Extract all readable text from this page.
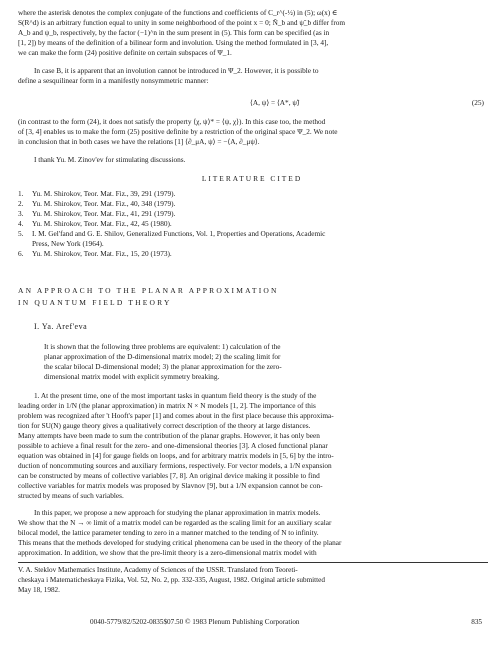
where the asterisk denotes the complex conjugate of the functions and coefficients of C_r^(-½) in (5); ω(x) ∈
S(R^d) is an arbitrary function equal to unity in some neighborhood of the point x = 0; Ñ_b and ψ̃_b differ from
A_b and ψ_b, respectively, by the factor (−1)^n in the sum present in (5). This form can be specified (as in
[1, 2]) by means of the definition of a bilinear form and involution. Using the method formulated in [3, 4],
we can make the form (24) positive definite on certain subspaces of Ψ_1.
In case B, it is apparent that an involution cannot be introduced in Ψ_2. However, it is possible to
define a sesquilinear form in a manifestly nonsymmetric manner:
⟨A, ψ⟩ = ⟨A*, ψ̃⟩	(25)
(in contrast to the form (24), it does not satisfy the property ⟨χ, ψ⟩* = ⟨ψ, χ⟩). In this case too, the method
of [3, 4] enables us to make the form (25) positive definite by a restriction of the original space Ψ_2. We note
in conclusion that in both cases we have the relations [1] ⟨∂_μA, ψ⟩ = −⟨A, ∂_μψ⟩.
I thank Yu. M. Zinov'ev for stimulating discussions.
LITERATURE CITED
1. Yu. M. Shirokov, Teor. Mat. Fiz., 39, 291 (1979).
2. Yu. M. Shirokov, Teor. Mat. Fiz., 40, 348 (1979).
3. Yu. M. Shirokov, Teor. Mat. Fiz., 41, 291 (1979).
4. Yu. M. Shirokov, Teor. Mat. Fiz., 42, 45 (1980).
5. I. M. Gel'fand and G. E. Shilov, Generalized Functions, Vol. 1, Properties and Operations, Academic
Press, New York (1964).
6. Yu. M. Shirokov, Teor. Mat. Fiz., 15, 20 (1973).
AN APPROACH TO THE PLANAR APPROXIMATION
IN QUANTUM FIELD THEORY
I. Ya. Aref'eva
It is shown that the following three problems are equivalent: 1) calculation of the
planar approximation of the D-dimensional matrix model; 2) the scaling limit for
the scalar bilocal D-dimensional model; 3) the planar approximation for the zero-
dimensional matrix model with explicit symmetry breaking.
1. At the present time, one of the most important tasks in quantum field theory is the study of the
leading order in 1/N (the planar approximation) in matrix N × N models [1, 2]. The importance of this
problem was recognized after 't Hooft's paper [1] and comes about in the first place because this approxima-
tion for SU(N) gauge theory gives a qualitatively correct description of the theory at large distances.
Many attempts have been made to sum the contribution of the planar graphs. However, it has only been
possible to achieve a final result for the zero- and one-dimensional theories [3]. A closed functional planar
equation was obtained in [4] for gauge fields on loops, and for arbitrary matrix models in [5, 6] by the intro-
duction of noncommuting sources and auxiliary fermions, respectively. For vector models, a 1/N expansion
can be constructed by means of collective variables [7, 8]. An original device making it possible to find
collective variables for matrix models was proposed by Slavnov [9], but a 1/N expansion cannot be con-
structed by means of such variables.
In this paper, we propose a new approach for studying the planar approximation in matrix models.
We show that the N → ∞ limit of a matrix model can be regarded as the scaling limit for an auxiliary scalar
bilocal model, the lattice parameter tending to zero in a manner matched to the tending of N to infinity.
This means that the methods developed for studying critical phenomena can be used in the theory of the planar
approximation. In addition, we show that the pre-limit theory is a zero-dimensional matrix model with
V. A. Steklov Mathematics Institute, Academy of Sciences of the USSR. Translated from Teoreti-
cheskaya i Matematicheskaya Fizika, Vol. 52, No. 2, pp. 332-335, August, 1982. Original article submitted
May 18, 1982.
0040-5779/82/5202-0835$07.50 © 1983 Plenum Publishing Corporation	835
